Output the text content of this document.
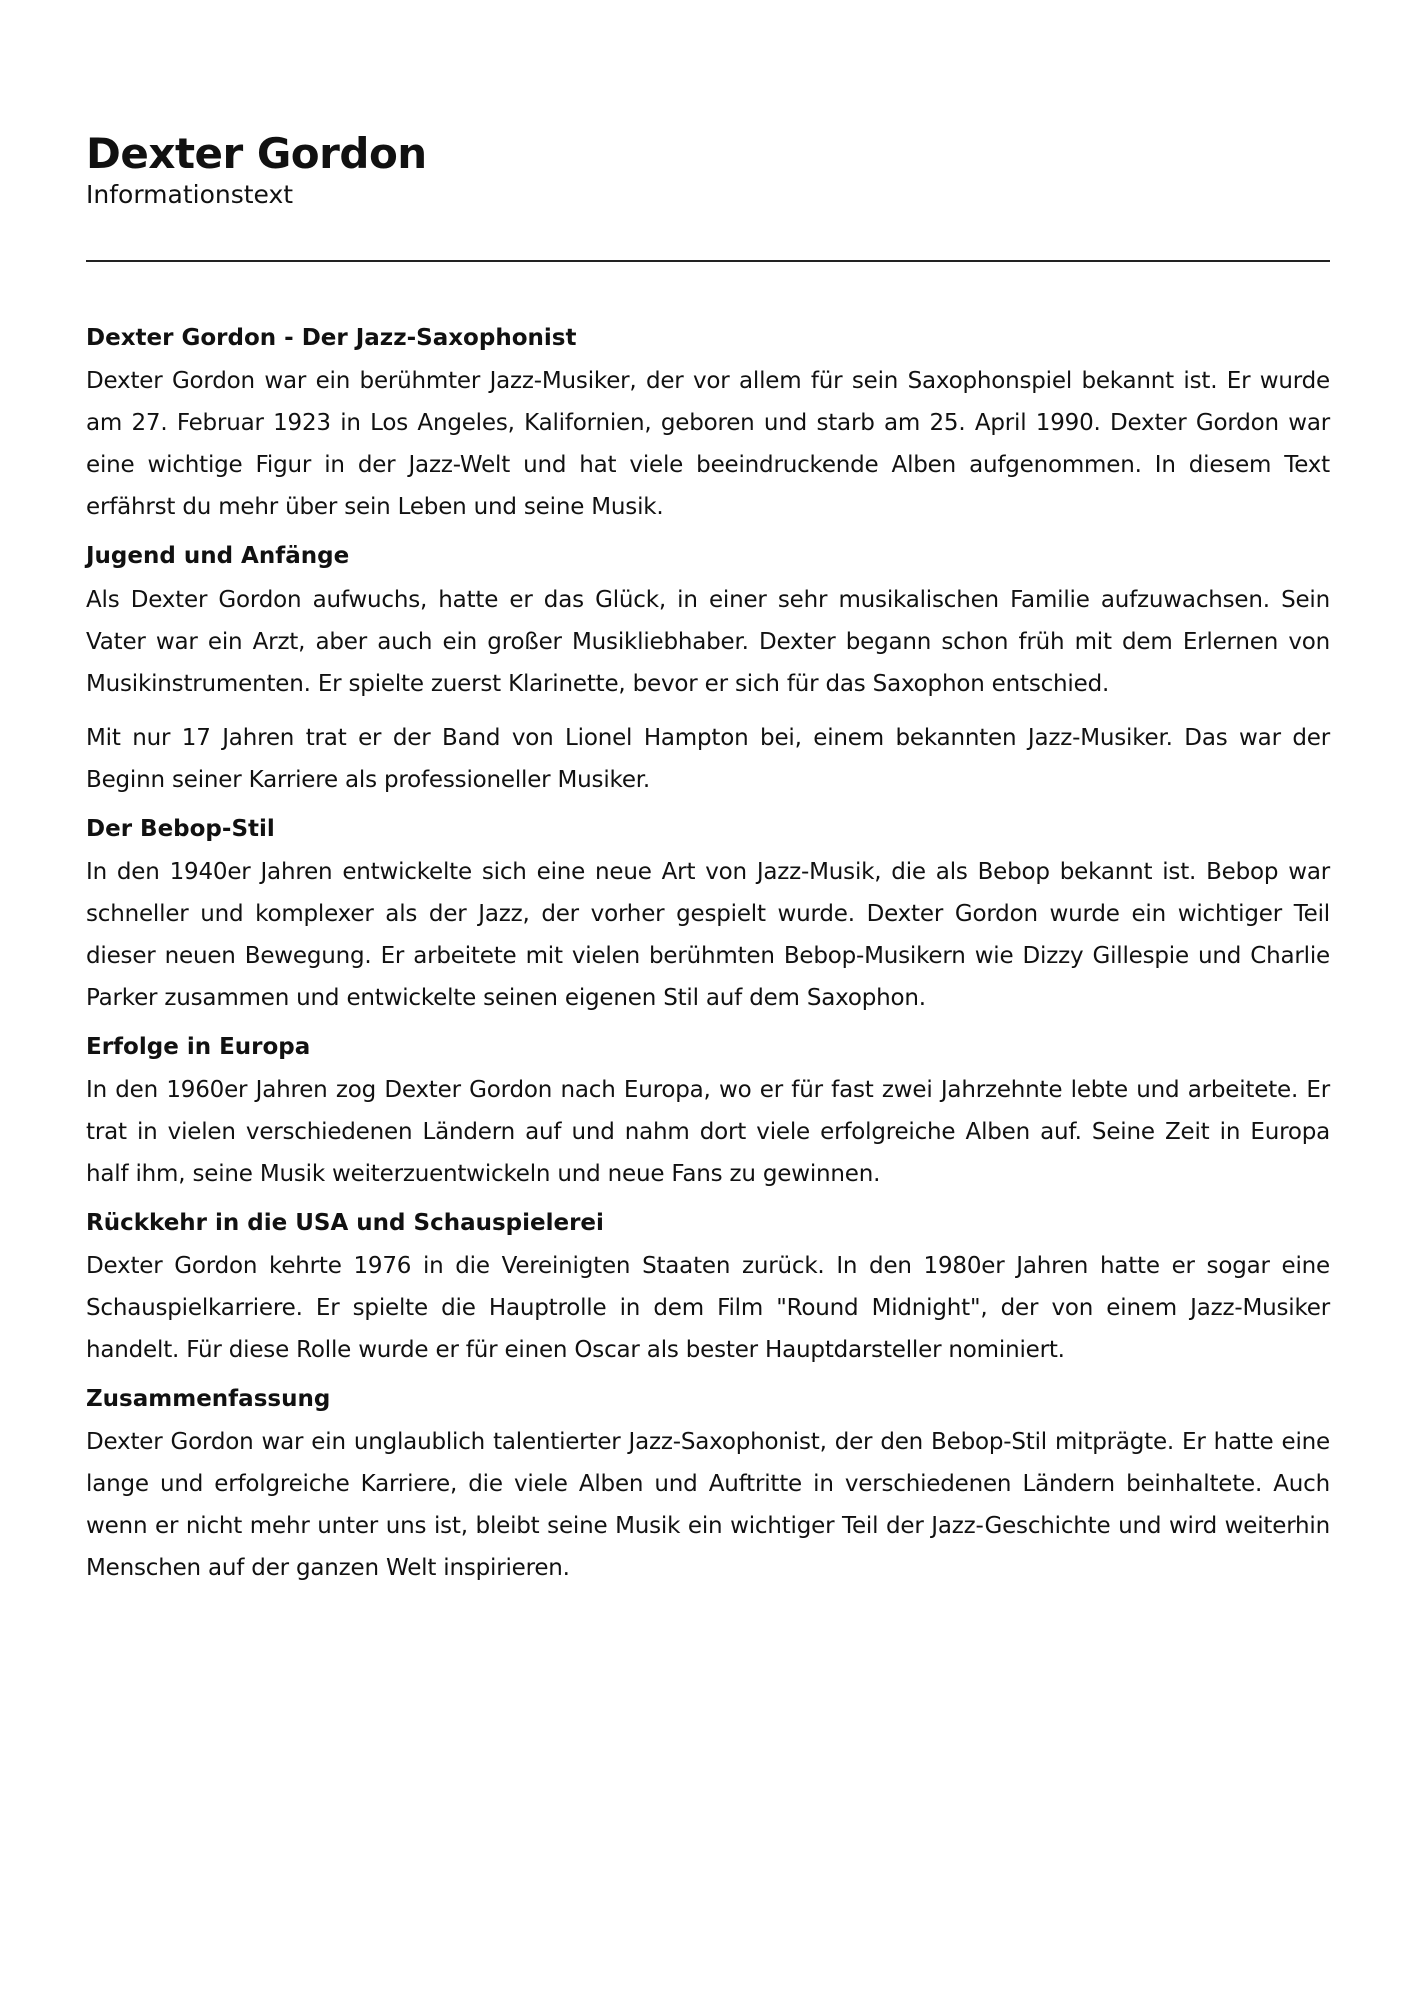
Dexter Gordon
Informationstext
Dexter Gordon - Der Jazz-Saxophonist

Dexter Gordon war ein berühmter Jazz-Musiker, der vor allem für sein Saxophonspiel bekannt ist. Er wurde am 27. Februar 1923 in Los Angeles, Kalifornien, geboren und starb am 25. April 1990. Dexter Gordon war eine wichtige Figur in der Jazz-Welt und hat viele beeindruckende Alben aufgenommen. In diesem Text erfährst du mehr über sein Leben und seine Musik.

Jugend und Anfänge

Als Dexter Gordon aufwuchs, hatte er das Glück, in einer sehr musikalischen Familie aufzuwachsen. Sein Vater war ein Arzt, aber auch ein großer Musikliebhaber. Dexter begann schon früh mit dem Erlernen von Musikinstrumenten. Er spielte zuerst Klarinette, bevor er sich für das Saxophon entschied.

Mit nur 17 Jahren trat er der Band von Lionel Hampton bei, einem bekannten Jazz-Musiker. Das war der Beginn seiner Karriere als professioneller Musiker.

Der Bebop-Stil

In den 1940er Jahren entwickelte sich eine neue Art von Jazz-Musik, die als Bebop bekannt ist. Bebop war schneller und komplexer als der Jazz, der vorher gespielt wurde. Dexter Gordon wurde ein wichtiger Teil dieser neuen Bewegung. Er arbeitete mit vielen berühmten Bebop-Musikern wie Dizzy Gillespie und Charlie Parker zusammen und entwickelte seinen eigenen Stil auf dem Saxophon.

Erfolge in Europa

In den 1960er Jahren zog Dexter Gordon nach Europa, wo er für fast zwei Jahrzehnte lebte und arbeitete. Er trat in vielen verschiedenen Ländern auf und nahm dort viele erfolgreiche Alben auf. Seine Zeit in Europa half ihm, seine Musik weiterzuentwickeln und neue Fans zu gewinnen.

Rückkehr in die USA und Schauspielerei

Dexter Gordon kehrte 1976 in die Vereinigten Staaten zurück. In den 1980er Jahren hatte er sogar eine Schauspielkarriere. Er spielte die Hauptrolle in dem Film "Round Midnight", der von einem Jazz-Musiker handelt. Für diese Rolle wurde er für einen Oscar als bester Hauptdarsteller nominiert.

Zusammenfassung

Dexter Gordon war ein unglaublich talentierter Jazz-Saxophonist, der den Bebop-Stil mitprägte. Er hatte eine lange und erfolgreiche Karriere, die viele Alben und Auftritte in verschiedenen Ländern beinhaltete. Auch wenn er nicht mehr unter uns ist, bleibt seine Musik ein wichtiger Teil der Jazz-Geschichte und wird weiterhin Menschen auf der ganzen Welt inspirieren.
